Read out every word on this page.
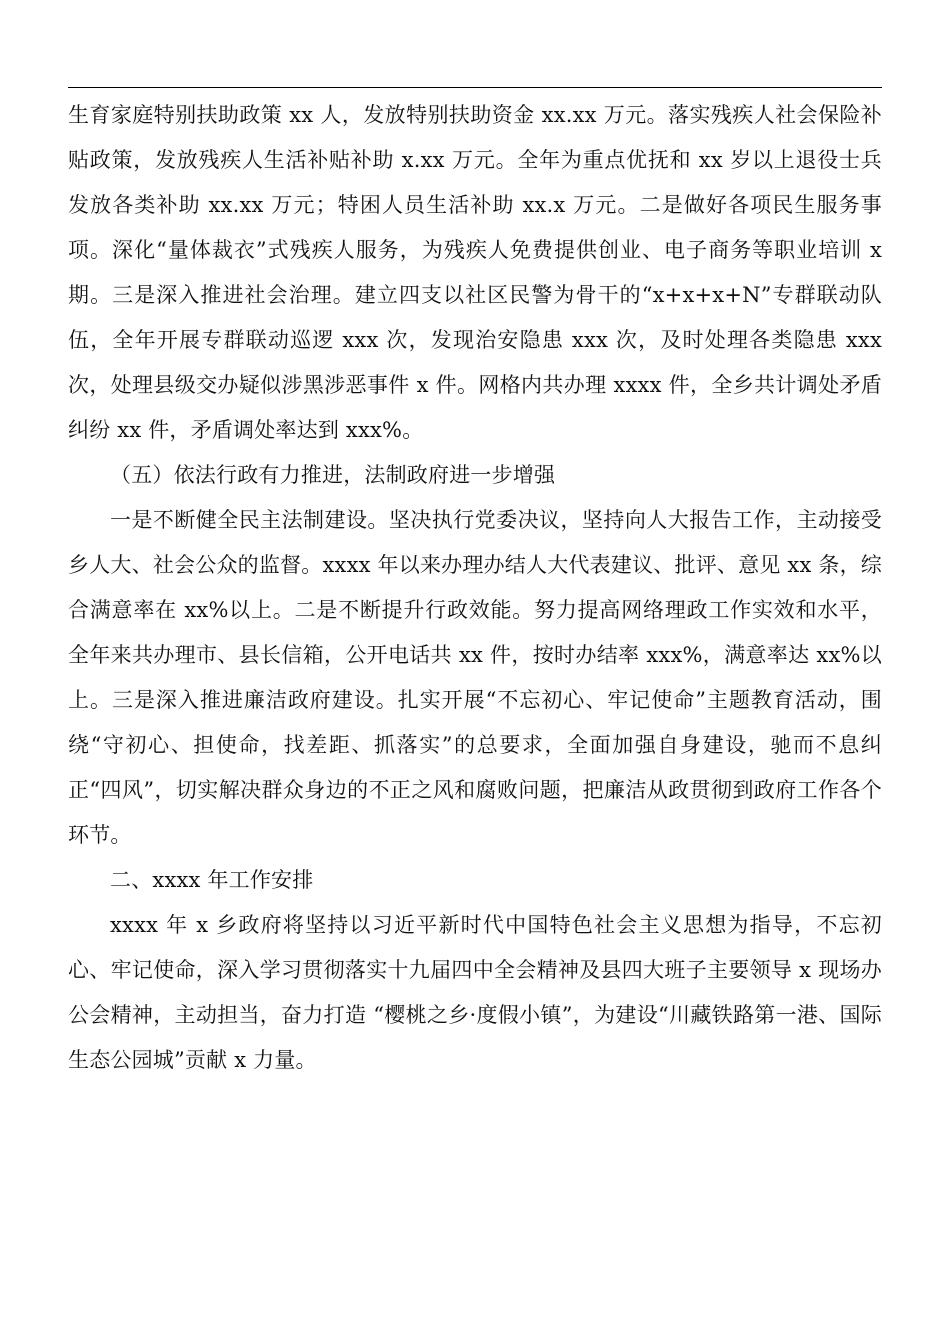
生育家庭特别扶助政策 xx 人，发放特别扶助资金 xx.xx 万元。落实残疾人社会保险补贴政策，发放残疾人生活补贴补助 x.xx 万元。全年为重点优抚和 xx 岁以上退役士兵发放各类补助 xx.xx 万元；特困人员生活补助 xx.x 万元。二是做好各项民生服务事项。深化“量体裁衣”式残疾人服务，为残疾人免费提供创业、电子商务等职业培训 x 期。三是深入推进社会治理。建立四支以社区民警为骨干的“x+x+x+N”专群联动队伍，全年开展专群联动巡逻 xxx 次，发现治安隐患 xxx 次，及时处理各类隐患 xxx 次，处理县级交办疑似涉黑涉恶事件 x 件。网格内共办理 xxxx 件，全乡共计调处矛盾纠纷 xx 件，矛盾调处率达到 xxx%。

（五）依法行政有力推进，法制政府进一步增强

一是不断健全民主法制建设。坚决执行党委决议，坚持向人大报告工作，主动接受乡人大、社会公众的监督。xxxx 年以来办理办结人大代表建议、批评、意见 xx 条，综合满意率在 xx%以上。二是不断提升行政效能。努力提高网络理政工作实效和水平，全年来共办理市、县长信箱，公开电话共 xx 件，按时办结率 xxx%，满意率达 xx%以上。三是深入推进廉洁政府建设。扎实开展“不忘初心、牢记使命”主题教育活动，围绕“守初心、担使命，找差距、抓落实”的总要求，全面加强自身建设，驰而不息纠正“四风”，切实解决群众身边的不正之风和腐败问题，把廉洁从政贯彻到政府工作各个环节。

二、xxxx 年工作安排

xxxx 年 x 乡政府将坚持以习近平新时代中国特色社会主义思想为指导，不忘初心、牢记使命，深入学习贯彻落实十九届四中全会精神及县四大班子主要领导 x 现场办公会精神，主动担当，奋力打造 “樱桃之乡·度假小镇”，为建设“川藏铁路第一港、国际生态公园城”贡献 x 力量。
